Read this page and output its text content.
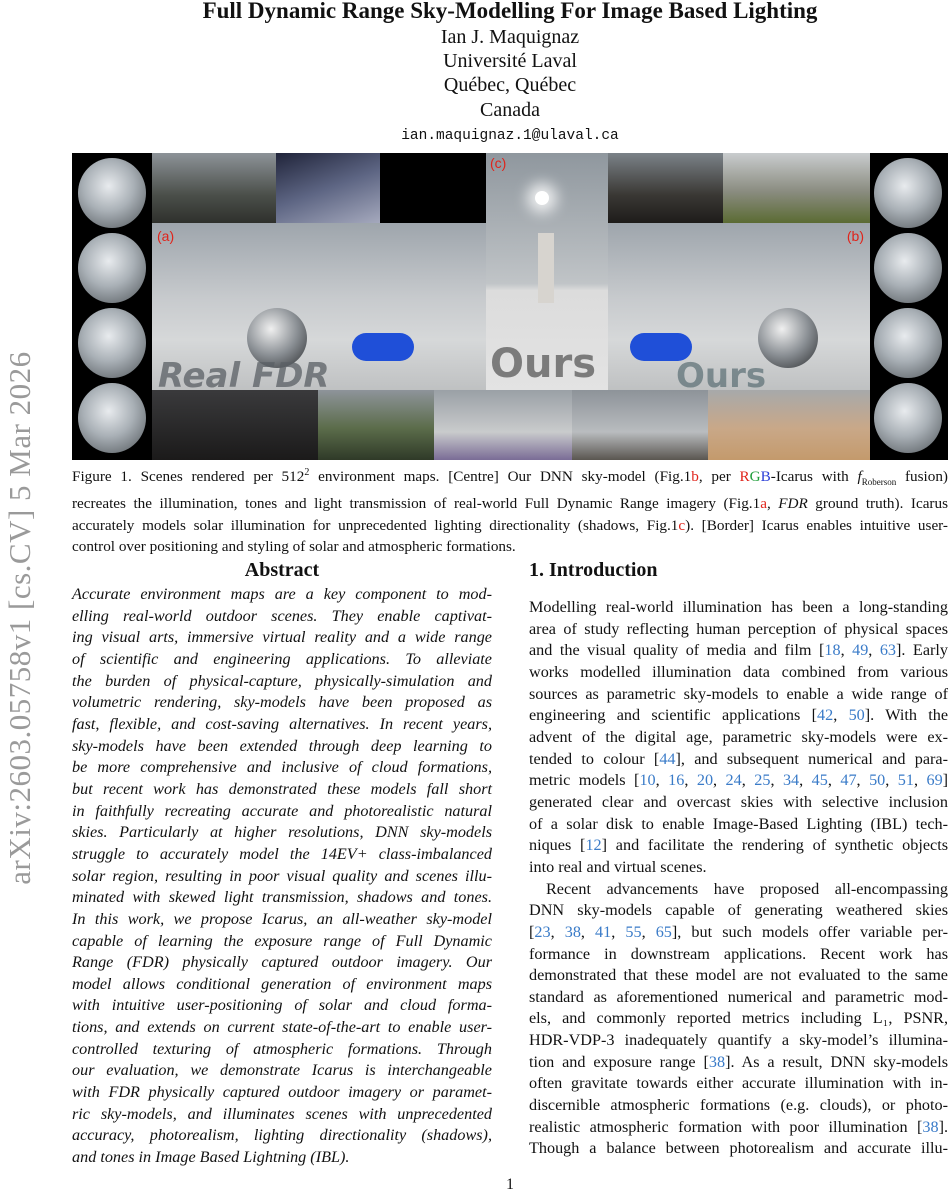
Full Dynamic Range Sky-Modelling For Image Based Lighting
Ian J. Maquignaz
Université Laval
Québec, Québec
Canada
ian.maquignaz.1@ulaval.ca
arXiv:2603.05758v1 [cs.CV] 5 Mar 2026
(a)
Real FDR
(c)
Ours
(b)
Ours
Figure 1. Scenes rendered per $512^2$ environment maps. [Centre] Our DNN sky-model (Fig.1b, per RGB-Icarus with $f_{Roberson}$ fusion)
recreates the illumination, tones and light transmission of real-world Full Dynamic Range imagery (Fig.1a, FDR ground truth). Icarus
accurately models solar illumination for unprecedented lighting directionality (shadows, Fig.1c). [Border] Icarus enables intuitive user-
control over positioning and styling of solar and atmospheric formations.
Abstract
Accurate environment maps are a key component to mod-
elling real-world outdoor scenes. They enable captivat-
ing visual arts, immersive virtual reality and a wide range
of scientific and engineering applications. To alleviate
the burden of physical-capture, physically-simulation and
volumetric rendering, sky-models have been proposed as
fast, flexible, and cost-saving alternatives. In recent years,
sky-models have been extended through deep learning to
be more comprehensive and inclusive of cloud formations,
but recent work has demonstrated these models fall short
in faithfully recreating accurate and photorealistic natural
skies. Particularly at higher resolutions, DNN sky-models
struggle to accurately model the 14EV+ class-imbalanced
solar region, resulting in poor visual quality and scenes illu-
minated with skewed light transmission, shadows and tones.
In this work, we propose Icarus, an all-weather sky-model
capable of learning the exposure range of Full Dynamic
Range (FDR) physically captured outdoor imagery. Our
model allows conditional generation of environment maps
with intuitive user-positioning of solar and cloud forma-
tions, and extends on current state-of-the-art to enable user-
controlled texturing of atmospheric formations. Through
our evaluation, we demonstrate Icarus is interchangeable
with FDR physically captured outdoor imagery or paramet-
ric sky-models, and illuminates scenes with unprecedented
accuracy, photorealism, lighting directionality (shadows),
and tones in Image Based Lightning (IBL).
1. Introduction
Modelling real-world illumination has been a long-standing
area of study reflecting human perception of physical spaces
and the visual quality of media and film [18, 49, 63]. Early
works modelled illumination data combined from various
sources as parametric sky-models to enable a wide range of
engineering and scientific applications [42, 50]. With the
advent of the digital age, parametric sky-models were ex-
tended to colour [44], and subsequent numerical and para-
metric models [10, 16, 20, 24, 25, 34, 45, 47, 50, 51, 69]
generated clear and overcast skies with selective inclusion
of a solar disk to enable Image-Based Lighting (IBL) tech-
niques [12] and facilitate the rendering of synthetic objects
into real and virtual scenes.
Recent advancements have proposed all-encompassing
DNN sky-models capable of generating weathered skies
[23, 38, 41, 55, 65], but such models offer variable per-
formance in downstream applications. Recent work has
demonstrated that these model are not evaluated to the same
standard as aforementioned numerical and parametric mod-
els, and commonly reported metrics including L₁, PSNR,
HDR-VDP-3 inadequately quantify a sky-model’s illumina-
tion and exposure range [38]. As a result, DNN sky-models
often gravitate towards either accurate illumination with in-
discernible atmospheric formations (e.g. clouds), or photo-
realistic atmospheric formation with poor illumination [38].
Though a balance between photorealism and accurate illu-
1
